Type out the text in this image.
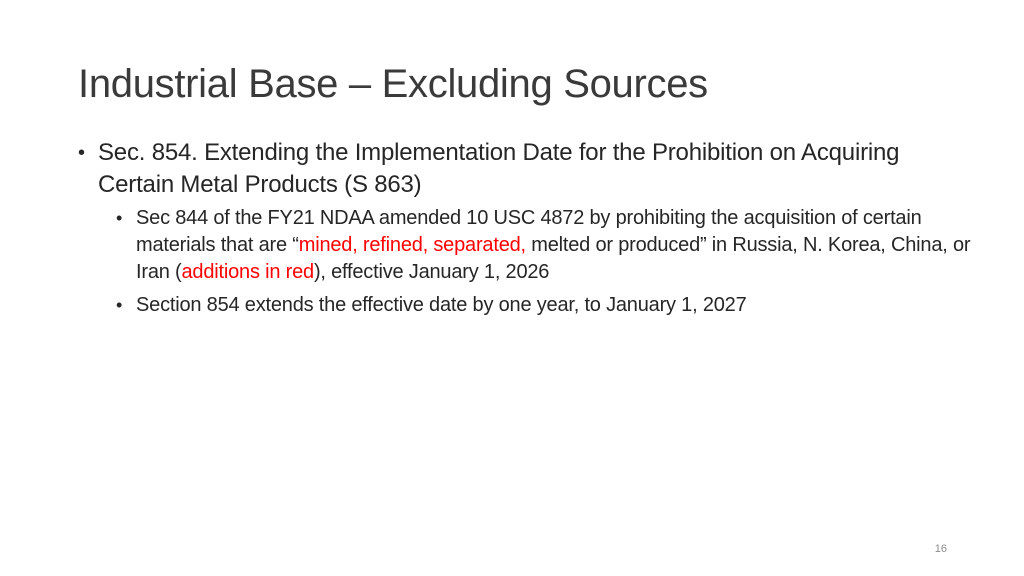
Industrial Base – Excluding Sources
• Sec. 854. Extending the Implementation Date for the Prohibition on Acquiring Certain Metal Products (S 863)
• Sec 844 of the FY21 NDAA amended 10 USC 4872 by prohibiting the acquisition of certain materials that are “mined, refined, separated, melted or produced” in Russia, N. Korea, China, or Iran (additions in red), effective January 1, 2026
• Section 854 extends the effective date by one year, to January 1, 2027
16
